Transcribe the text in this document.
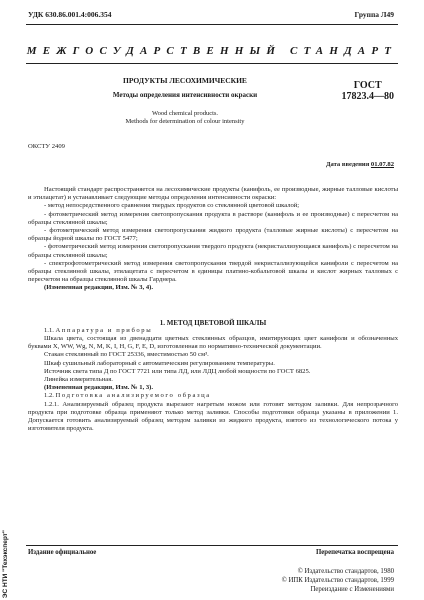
УДК 630.86.001.4:006.354	Группа Л49
МЕЖГОСУДАРСТВЕННЫЙ СТАНДАРТ
ПРОДУКТЫ ЛЕСОХИМИЧЕСКИЕ
Методы определения интенсивности окраски
Wood chemical products.
Methods for determination of colour intensity
ГОСТ
17823.4—80
ОКСТУ 2409
Дата введения 01.07.82

Настоящий стандарт распространяется на лесохимические продукты (канифоль, ее производные, жирные талловые кислоты и этилацетат) и устанавливает следующие методы определения интенсивности окраски:

- метод непосредственного сравнения твердых продуктов со стеклянной цветовой шкалой;

- фотометрический метод измерения светопропускания продукта в растворе (канифоль и ее производные) с пересчетом на образцы стеклянной шкалы;

- фотометрический метод измерения светопропускания жидкого продукта (талловые жирные кислоты) с пересчетом на образцы йодной шкалы по ГОСТ 5477;

- фотометрический метод измерения светопропускания твердого продукта (некристаллизующаяся канифоль) с пересчетом на образцы стеклянной шкалы;

- спектрофотометрический метод измерения светопропускания твердой некристаллизующейся канифоли с пересчетом на образцы стеклянной шкалы, этилацетата с пересчетом в единицы платино-кобальтовой шкалы и кислот жирных талловых с пересчетом на образцы стеклянной шкалы Гарднера.

(Измененная редакция, Изм. № 3, 4).

1. МЕТОД ЦВЕТОВОЙ ШКАЛЫ

1.1. Аппаратура и приборы

Шкала цвета, состоящая из двенадцати цветных стеклянных образцов, имитирующих цвет канифоли и обозначенных буквами X, WW, Wg, N, M, K, I, H, G, F, E, D, изготовленная по нормативно-технической документации.

Стакан стеклянный по ГОСТ 25336, вместимостью 50 см³.

Шкаф сушильный лабораторный с автоматическим регулированием температуры.

Источник света типа Д по ГОСТ 7721 или типа ЛД, или ЛДЦ любой мощности по ГОСТ 6825.

Линейка измерительная.

(Измененная редакция, Изм. № 1, 3).

1.2. Подготовка анализируемого образца

1.2.1. Анализируемый образец продукта вырезают нагретым ножом или готовят методом заливки. Для непрозрачного продукта при подготовке образца применяют только метод заливки. Способы подготовки образца указаны в приложении 1. Допускается готовить анализируемый образец методом заливки из жидкого продукта, взятого из технологического потока у изготовителя продукта.

Издание официальное	Перепечатка воспрещена
© Издательство стандартов, 1980
© ИПК Издательство стандартов, 1999
Переиздание с Изменениями
ЭС НТИ "Техэксперт"
